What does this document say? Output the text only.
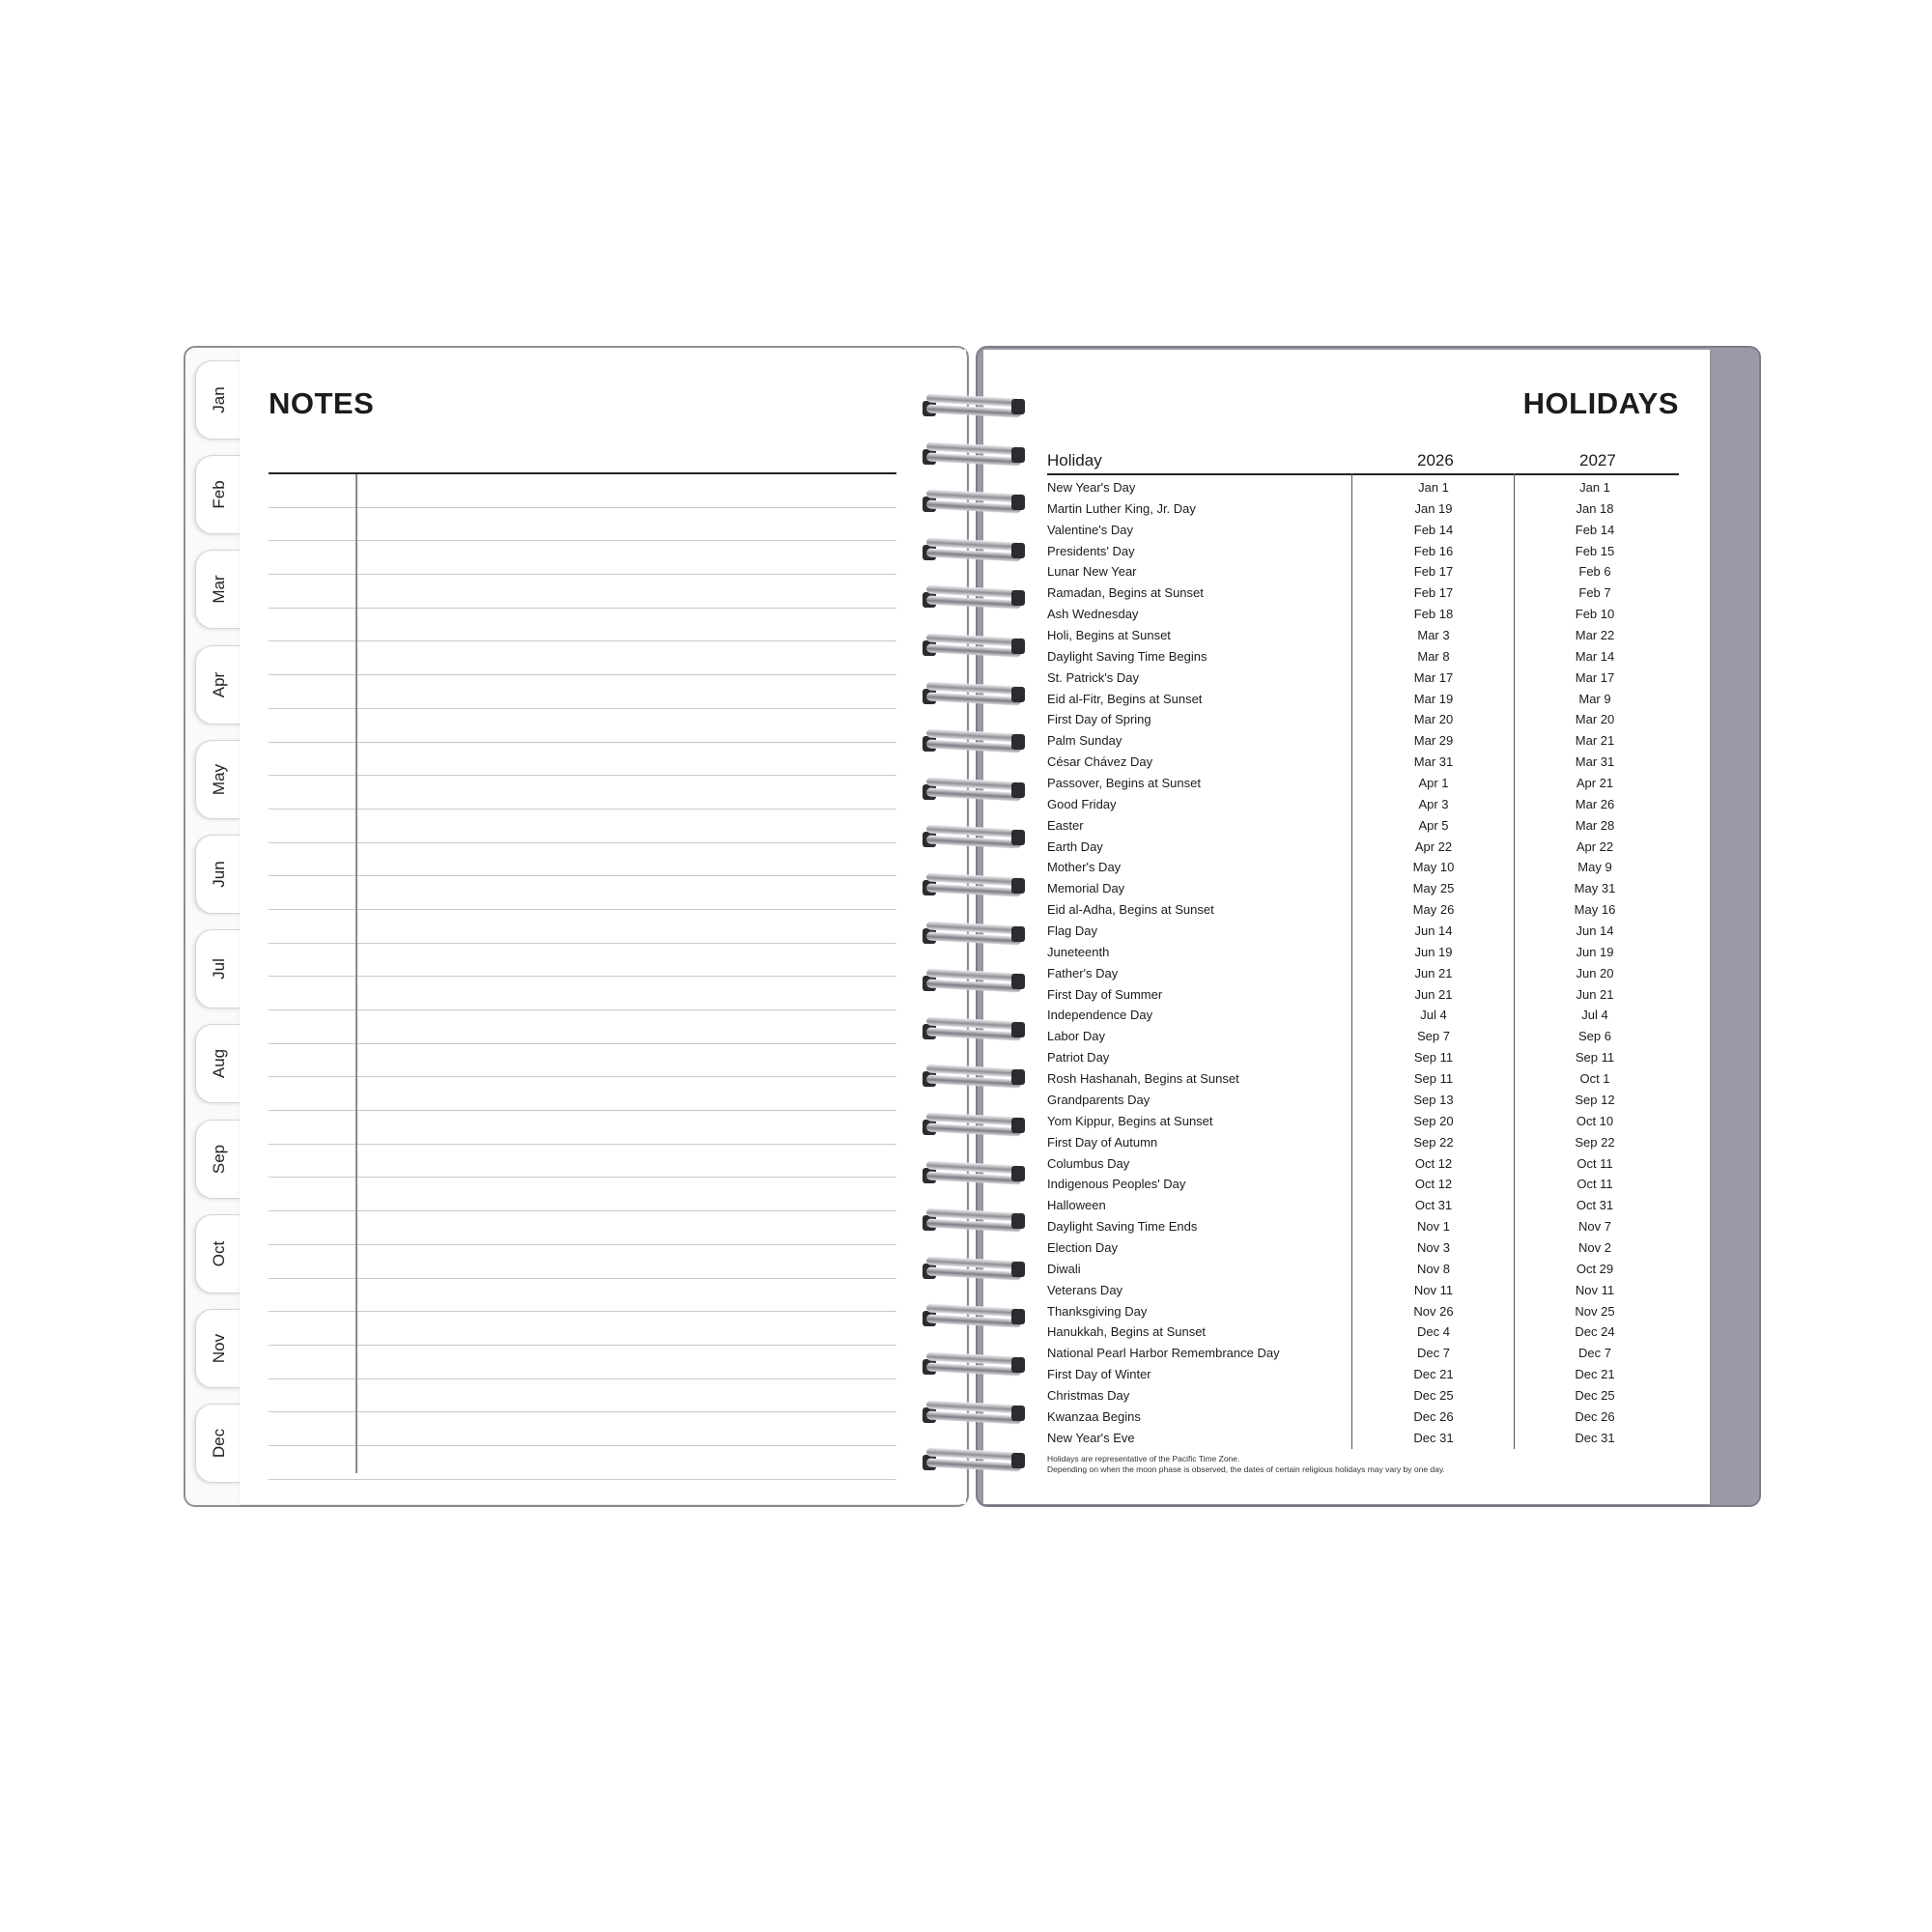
Jan
Feb
Mar
Apr
May
Jun
Jul
Aug
Sep
Oct
Nov
Dec
NOTES	HOLIDAYS
Holiday	2026	2027
New Year's Day	Jan 1	Jan 1
Martin Luther King, Jr. Day	Jan 19	Jan 18
Valentine's Day	Feb 14	Feb 14
Presidents' Day	Feb 16	Feb 15
Lunar New Year	Feb 17	Feb 6
Ramadan, Begins at Sunset	Feb 17	Feb 7
Ash Wednesday	Feb 18	Feb 10
Holi, Begins at Sunset	Mar 3	Mar 22
Daylight Saving Time Begins	Mar 8	Mar 14
St. Patrick's Day	Mar 17	Mar 17
Eid al-Fitr, Begins at Sunset	Mar 19	Mar 9
First Day of Spring	Mar 20	Mar 20
Palm Sunday	Mar 29	Mar 21
César Chávez Day	Mar 31	Mar 31
Passover, Begins at Sunset	Apr 1	Apr 21
Good Friday	Apr 3	Mar 26
Easter	Apr 5	Mar 28
Earth Day	Apr 22	Apr 22
Mother's Day	May 10	May 9
Memorial Day	May 25	May 31
Eid al-Adha, Begins at Sunset	May 26	May 16
Flag Day	Jun 14	Jun 14
Juneteenth	Jun 19	Jun 19
Father's Day	Jun 21	Jun 20
First Day of Summer	Jun 21	Jun 21
Independence Day	Jul 4	Jul 4
Labor Day	Sep 7	Sep 6
Patriot Day	Sep 11	Sep 11
Rosh Hashanah, Begins at Sunset	Sep 11	Oct 1
Grandparents Day	Sep 13	Sep 12
Yom Kippur, Begins at Sunset	Sep 20	Oct 10
First Day of Autumn	Sep 22	Sep 22
Columbus Day	Oct 12	Oct 11
Indigenous Peoples' Day	Oct 12	Oct 11
Halloween	Oct 31	Oct 31
Daylight Saving Time Ends	Nov 1	Nov 7
Election Day	Nov 3	Nov 2
Diwali	Nov 8	Oct 29
Veterans Day	Nov 11	Nov 11
Thanksgiving Day	Nov 26	Nov 25
Hanukkah, Begins at Sunset	Dec 4	Dec 24
National Pearl Harbor Remembrance Day	Dec 7	Dec 7
First Day of Winter	Dec 21	Dec 21
Christmas Day	Dec 25	Dec 25
Kwanzaa Begins	Dec 26	Dec 26
New Year's Eve	Dec 31	Dec 31
Holidays are representative of the Pacific Time Zone.
Depending on when the moon phase is observed, the dates of certain religious holidays may vary by one day.
